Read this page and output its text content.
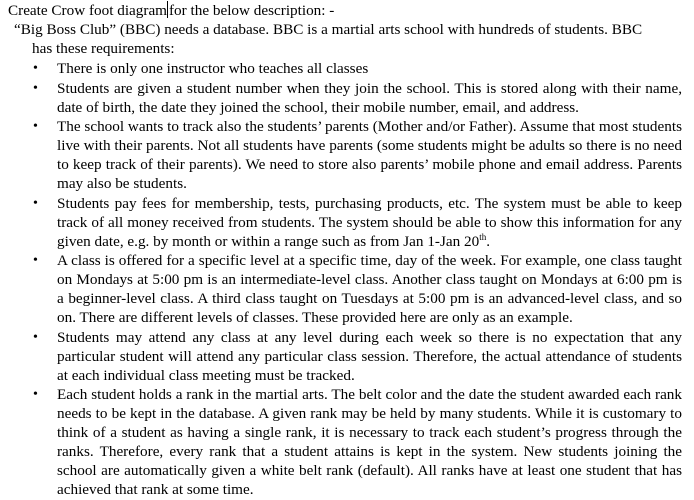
Create Crow foot diagram for the below description: -
“Big Boss Club” (BBC) needs a database. BBC is a martial arts school with hundreds of students. BBC
has these requirements:
• There is only one instructor who teaches all classes
• Students are given a student number when they join the school. This is stored along with their name, date of birth, the date they joined the school, their mobile number, email, and address.
• The school wants to track also the students’ parents (Mother and/or Father). Assume that most students live with their parents. Not all students have parents (some students might be adults so there is no need to keep track of their parents). We need to store also parents’ mobile phone and email address. Parents may also be students.
• Students pay fees for membership, tests, purchasing products, etc. The system must be able to keep track of all money received from students. The system should be able to show this information for any given date, e.g. by month or within a range such as from Jan 1-Jan 20th.
• A class is offered for a specific level at a specific time, day of the week. For example, one class taught on Mondays at 5:00 pm is an intermediate-level class. Another class taught on Mondays at 6:00 pm is a beginner-level class. A third class taught on Tuesdays at 5:00 pm is an advanced-level class, and so on. There are different levels of classes. These provided here are only as an example.
• Students may attend any class at any level during each week so there is no expectation that any particular student will attend any particular class session. Therefore, the actual attendance of students at each individual class meeting must be tracked.
• Each student holds a rank in the martial arts. The belt color and the date the student awarded each rank needs to be kept in the database. A given rank may be held by many students. While it is customary to think of a student as having a single rank, it is necessary to track each student’s progress through the ranks. Therefore, every rank that a student attains is kept in the system. New students joining the school are automatically given a white belt rank (default). All ranks have at least one student that has achieved that rank at some time.
